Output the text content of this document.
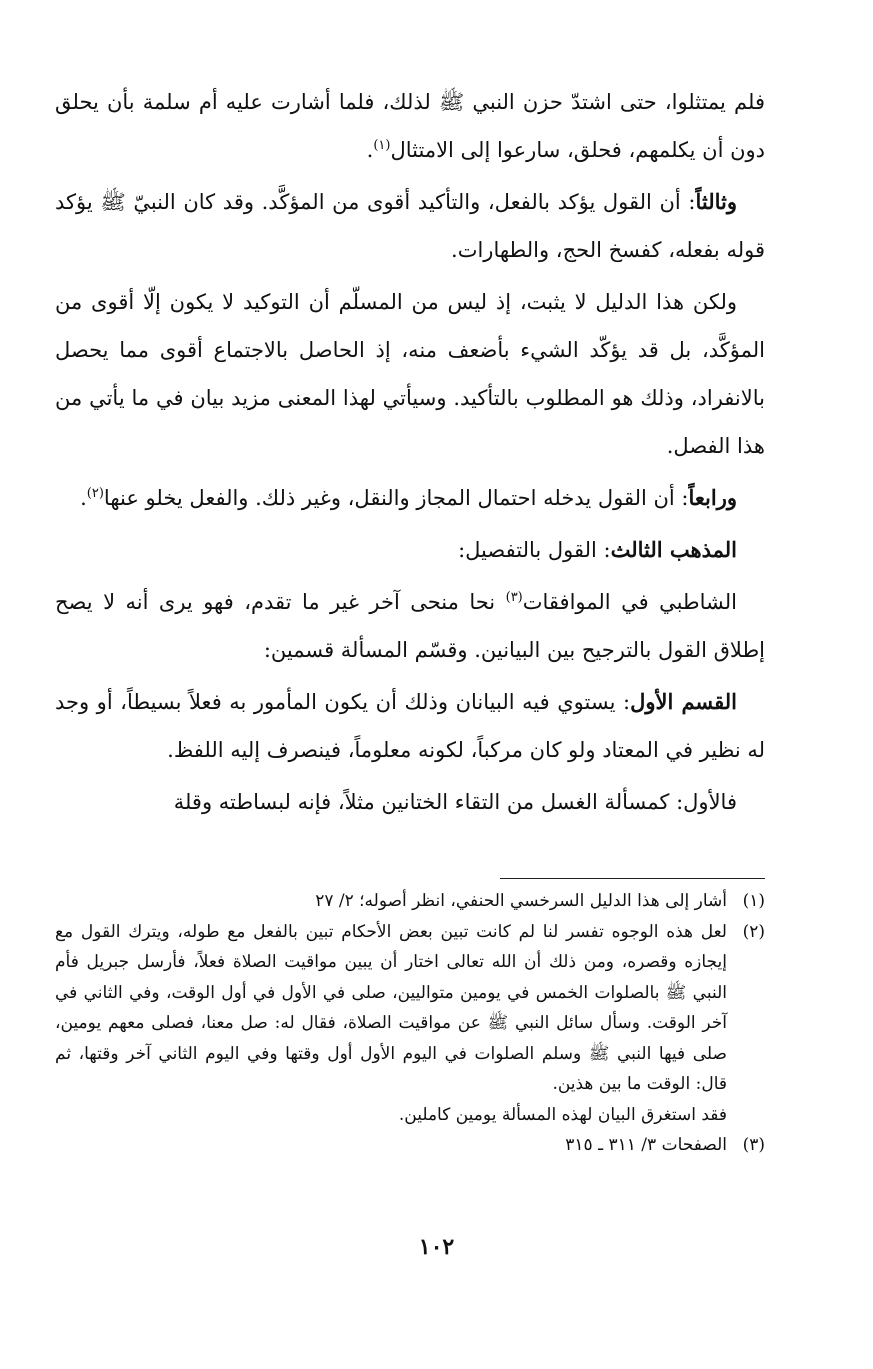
فلم يمتثلوا، حتى اشتدّ حزن النبي ﷺ لذلك، فلما أشارت عليه أم سلمة بأن يحلق دون أن يكلمهم، فحلق، سارعوا إلى الامتثال$^{(١)}$.

وثالثاً: أن القول يؤكد بالفعل، والتأكيد أقوى من المؤكَّد. وقد كان النبيّ ﷺ يؤكد قوله بفعله، كفسخ الحج، والطهارات.

ولكن هذا الدليل لا يثبت، إذ ليس من المسلّم أن التوكيد لا يكون إلّا أقوى من المؤكَّد، بل قد يؤكّد الشيء بأضعف منه، إذ الحاصل بالاجتماع أقوى مما يحصل بالانفراد، وذلك هو المطلوب بالتأكيد. وسيأتي لهذا المعنى مزيد بيان في ما يأتي من هذا الفصل.

ورابعاً: أن القول يدخله احتمال المجاز والنقل، وغير ذلك. والفعل يخلو عنها$^{(٢)}$.

المذهب الثالث: القول بالتفصيل:

الشاطبي في الموافقات$^{(٣)}$ نحا منحى آخر غير ما تقدم، فهو يرى أنه لا يصح إطلاق القول بالترجيح بين البيانين. وقسّم المسألة قسمين:

القسم الأول: يستوي فيه البيانان وذلك أن يكون المأمور به فعلاً بسيطاً، أو وجد له نظير في المعتاد ولو كان مركباً، لكونه معلوماً، فينصرف إليه اللفظ.

فالأول: كمسألة الغسل من التقاء الختانين مثلاً، فإنه لبساطته وقلة

(١)
أشار إلى هذا الدليل السرخسي الحنفي، انظر أصوله؛ ٢/ ٢٧
(٢)
لعل هذه الوجوه تفسر لنا لم كانت تبين بعض الأحكام تبين بالفعل مع طوله، ويترك القول مع إيجازه وقصره، ومن ذلك أن الله تعالى اختار أن يبين مواقيت الصلاة فعلاً، فأرسل جبريل فأم النبي ﷺ بالصلوات الخمس في يومين متواليين، صلى في الأول في أول الوقت، وفي الثاني في آخر الوقت. وسأل سائل النبي ﷺ عن مواقيت الصلاة، فقال له: صل معنا، فصلى معهم يومين، صلى فيها النبي ﷺ وسلم الصلوات في اليوم الأول أول وقتها وفي اليوم الثاني آخر وقتها، ثم قال: الوقت ما بين هذين.
فقد استغرق البيان لهذه المسألة يومين كاملين.
(٣)
الصفحات ٣/ ٣١١ ـ ٣١٥
١٠٢
